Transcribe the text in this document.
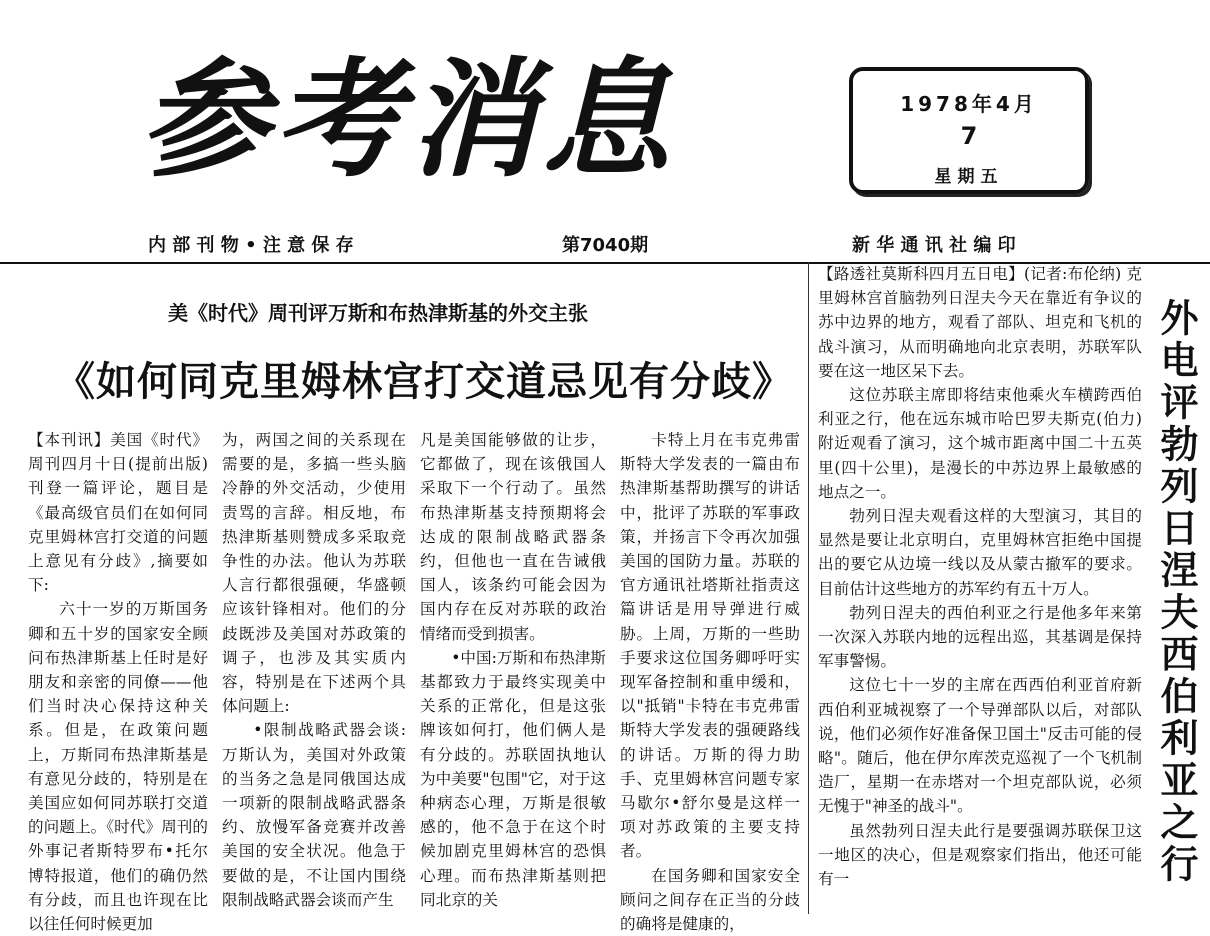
参考消息	1978年4月
7
星期五
内 部 刊 物 • 注 意 保 存	第7040期	新 华 通 讯 社 编 印
美《时代》周刊评万斯和布热津斯基的外交主张
《如何同克里姆林宫打交道忌见有分歧》

【本刊讯】美国《时代》周刊四月十日(提前出版)刊登一篇评论，题目是《最高级官员们在如何同克里姆林宫打交道的问题上意见有分歧》,摘要如下:

六十一岁的万斯国务卿和五十岁的国家安全顾问布热津斯基上任时是好朋友和亲密的同僚——他们当时决心保持这种关系。但是，在政策问题上，万斯同布热津斯基是有意见分歧的，特别是在美国应如何同苏联打交道的问题上。《时代》周刊的外事记者斯特罗布•托尔博特报道，他们的确仍然有分歧，而且也许现在比以往任何时候更加

为，两国之间的关系现在需要的是，多搞一些头脑冷静的外交活动，少使用责骂的言辞。相反地，布热津斯基则赞成多采取竞争性的办法。他认为苏联人言行都很强硬，华盛顿应该针锋相对。他们的分歧既涉及美国对苏政策的调子，也涉及其实质内容，特别是在下述两个具体问题上:

•限制战略武器会谈:万斯认为，美国对外政策的当务之急是同俄国达成一项新的限制战略武器条约、放慢军备竞赛并改善美国的安全状况。他急于要做的是，不让国内围绕限制战略武器会谈而产生

凡是美国能够做的让步，它都做了，现在该俄国人采取下一个行动了。虽然布热津斯基支持预期将会达成的限制战略武器条约，但他也一直在告诫俄国人，该条约可能会因为国内存在反对苏联的政治情绪而受到损害。

•中国:万斯和布热津斯基都致力于最终实现美中关系的正常化，但是这张牌该如何打，他们俩人是有分歧的。苏联固执地认为中美要"包围"它，对于这种病态心理，万斯是很敏感的，他不急于在这个时候加剧克里姆林宫的恐惧心理。而布热津斯基则把同北京的关

卡特上月在韦克弗雷斯特大学发表的一篇由布热津斯基帮助撰写的讲话中，批评了苏联的军事政策，并扬言下令再次加强美国的国防力量。苏联的官方通讯社塔斯社指责这篇讲话是用导弹进行威胁。上周，万斯的一些助手要求这位国务卿呼吁实现军备控制和重申缓和，以"抵销"卡特在韦克弗雷斯特大学发表的强硬路线的讲话。万斯的得力助手、克里姆林宫问题专家马歇尔•舒尔曼是这样一项对苏政策的主要支持者。

在国务卿和国家安全顾问之间存在正当的分歧的确将是健康的，

【路透社莫斯科四月五日电】(记者:布伦纳) 克里姆林宫首脑勃列日涅夫今天在靠近有争议的苏中边界的地方，观看了部队、坦克和飞机的战斗演习，从而明确地向北京表明，苏联军队要在这一地区呆下去。

这位苏联主席即将结束他乘火车横跨西伯利亚之行，他在远东城市哈巴罗夫斯克(伯力)附近观看了演习，这个城市距离中国二十五英里(四十公里)，是漫长的中苏边界上最敏感的地点之一。

勃列日涅夫观看这样的大型演习，其目的显然是要让北京明白，克里姆林宫拒绝中国提出的要它从边境一线以及从蒙古撤军的要求。目前估计这些地方的苏军约有五十万人。

勃列日涅夫的西伯利亚之行是他多年来第一次深入苏联内地的远程出巡，其基调是保持军事警惕。

这位七十一岁的主席在西西伯利亚首府新西伯利亚城视察了一个导弹部队以后，对部队说，他们必须作好准备保卫国土"反击可能的侵略"。随后，他在伊尔库茨克巡视了一个飞机制造厂，星期一在赤塔对一个坦克部队说，必须无愧于"神圣的战斗"。

虽然勃列日涅夫此行是要强调苏联保卫这一地区的决心，但是观察家们指出，他还可能有一	外电评勃列日涅夫西伯利亚之行
